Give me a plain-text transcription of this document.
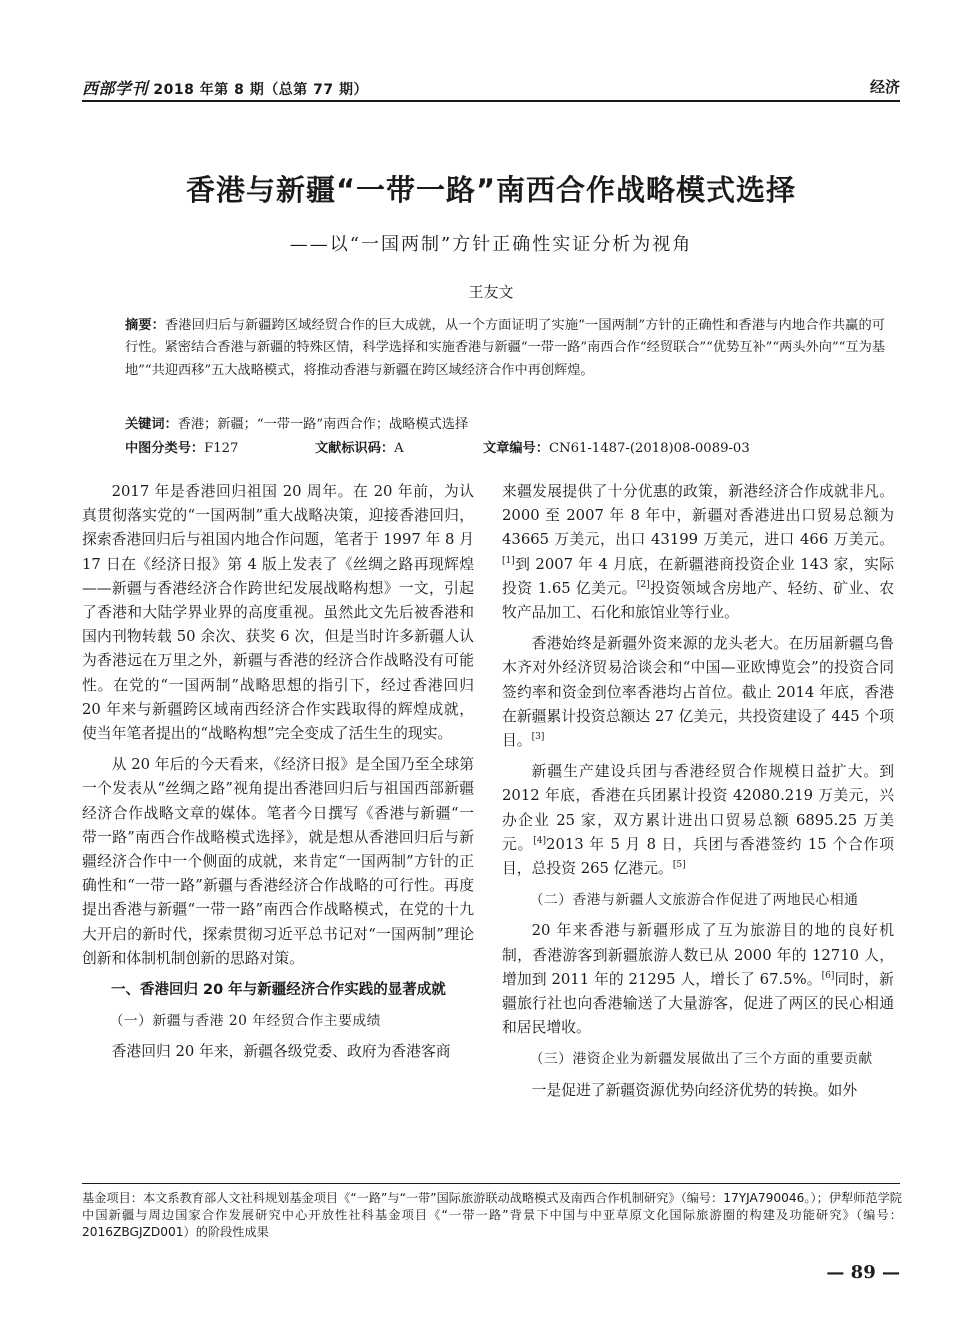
西部学刊 2018 年第 8 期（总第 77 期）	经济
香港与新疆“一带一路”南西合作战略模式选择
——以“一国两制”方针正确性实证分析为视角
王友文
摘要：香港回归后与新疆跨区域经贸合作的巨大成就，从一个方面证明了实施“一国两制”方针的正确性和香港与内地合作共赢的可行性。紧密结合香港与新疆的特殊区情，科学选择和实施香港与新疆“一带一路”南西合作“经贸联合”“优势互补”“两头外向”“互为基地”“共迎西移”五大战略模式，将推动香港与新疆在跨区域经济合作中再创辉煌。
关键词：香港；新疆；“一带一路”南西合作；战略模式选择
中图分类号：F127	文献标识码：A	文章编号：CN61-1487-(2018)08-0089-03

2017 年是香港回归祖国 20 周年。在 20 年前，为认真贯彻落实党的“一国两制”重大战略决策，迎接香港回归，探索香港回归后与祖国内地合作问题，笔者于 1997 年 8 月 17 日在《经济日报》第 4 版上发表了《丝绸之路再现辉煌——新疆与香港经济合作跨世纪发展战略构想》一文，引起了香港和大陆学界业界的高度重视。虽然此文先后被香港和国内刊物转载 50 余次、获奖 6 次，但是当时许多新疆人认为香港远在万里之外，新疆与香港的经济合作战略没有可能性。在党的“一国两制”战略思想的指引下，经过香港回归 20 年来与新疆跨区域南西经济合作实践取得的辉煌成就，使当年笔者提出的“战略构想”完全变成了活生生的现实。

从 20 年后的今天看来，《经济日报》是全国乃至全球第一个发表从“丝绸之路”视角提出香港回归后与祖国西部新疆经济合作战略文章的媒体。笔者今日撰写《香港与新疆“一带一路”南西合作战略模式选择》，就是想从香港回归后与新疆经济合作中一个侧面的成就，来肯定“一国两制”方针的正确性和“一带一路”新疆与香港经济合作战略的可行性。再度提出香港与新疆“一带一路”南西合作战略模式，在党的十九大开启的新时代，探索贯彻习近平总书记对“一国两制”理论创新和体制机制创新的思路对策。

一、香港回归 20 年与新疆经济合作实践的显著成就

（一）新疆与香港 20 年经贸合作主要成绩

香港回归 20 年来，新疆各级党委、政府为香港客商

来疆发展提供了十分优惠的政策，新港经济合作成就非凡。2000 至 2007 年 8 年中，新疆对香港进出口贸易总额为 43665 万美元，出口 43199 万美元，进口 466 万美元。[1]到 2007 年 4 月底，在新疆港商投资企业 143 家，实际投资 1.65 亿美元。[2]投资领域含房地产、轻纺、矿业、农牧产品加工、石化和旅馆业等行业。

香港始终是新疆外资来源的龙头老大。在历届新疆乌鲁木齐对外经济贸易洽谈会和“中国—亚欧博览会”的投资合同签约率和资金到位率香港均占首位。截止 2014 年底，香港在新疆累计投资总额达 27 亿美元，共投资建设了 445 个项目。[3]

新疆生产建设兵团与香港经贸合作规模日益扩大。到 2012 年底，香港在兵团累计投资 42080.219 万美元，兴办企业 25 家，双方累计进出口贸易总额 6895.25 万美元。[4]2013 年 5 月 8 日，兵团与香港签约 15 个合作项目，总投资 265 亿港元。[5]

（二）香港与新疆人文旅游合作促进了两地民心相通

20 年来香港与新疆形成了互为旅游目的地的良好机制，香港游客到新疆旅游人数已从 2000 年的 12710 人，增加到 2011 年的 21295 人，增长了 67.5%。[6]同时，新疆旅行社也向香港输送了大量游客，促进了两区的民心相通和居民增收。

（三）港资企业为新疆发展做出了三个方面的重要贡献

一是促进了新疆资源优势向经济优势的转换。如外

基金项目：本文系教育部人文社科规划基金项目《“一路”与“一带”国际旅游联动战略模式及南西合作机制研究》（编号：17YJA790046。）；伊犁师范学院中国新疆与周边国家合作发展研究中心开放性社科基金项目《“一带一路”背景下中国与中亚草原文化国际旅游圈的构建及功能研究》（编号：2016ZBGJZD001）的阶段性成果
— 89 —
